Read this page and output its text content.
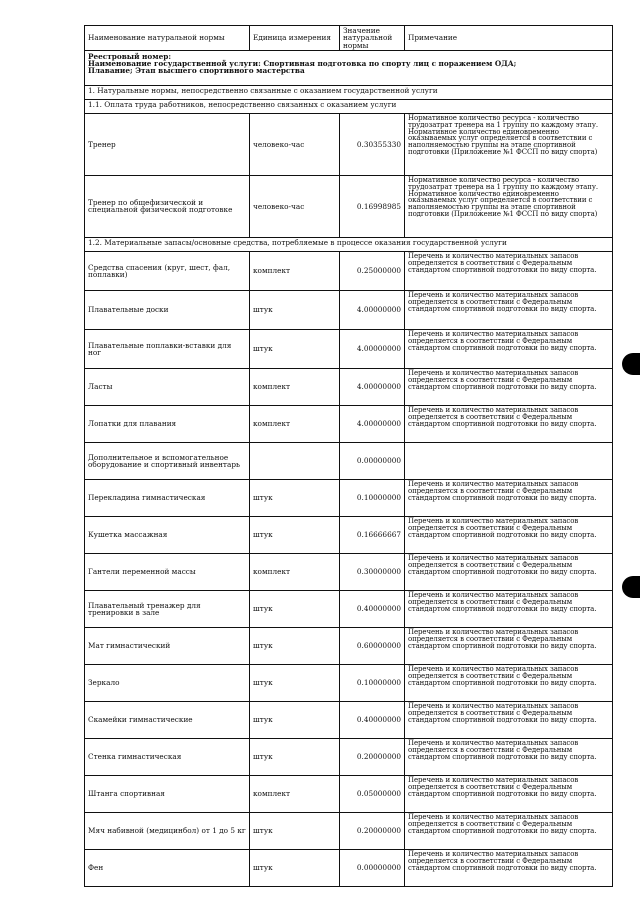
Наименование натуральной нормы	Единица измерения	Значение натуральной нормы	Примечание

Реестровый номер:
Наименование государственной услуги: Спортивная подготовка по спорту лиц с поражением ОДА;
Плавание; Этап высшего спортивного мастерства			

1. Натуральные нормы, непосредственно связанные с оказанием государственной услуги			
1.1. Оплата труда работников, непосредственно связанных с оказанием услуги			
Тренер	человеко-час	0.30355330	Нормативное количество ресурса - количество трудозатрат тренера на 1 группу по каждому этапу. Нормативное количество единовременно оказываемых услуг определяется в соответствии с наполняемостью группы на этапе спортивной подготовки (Приложение №1 ФССП по виду спорта)
Тренер по общефизической и специальной физической подготовке	человеко-час	0.16998985	Нормативное количество ресурса - количество трудозатрат тренера на 1 группу по каждому этапу. Нормативное количество единовременно оказываемых услуг определяется в соответствии с наполняемостью группы на этапе спортивной подготовки (Приложение №1 ФССП по виду спорта)
1.2. Материальные запасы/основные средства, потребляемые в процессе оказания государственной услуги			
Средства спасения (круг, шест, фал, поплавки)	комплект	0.25000000	Перечень и количество материальных запасов определяется в соответствии с Федеральным стандартом спортивной подготовки по виду спорта.
Плавательные доски	штук	4.00000000	Перечень и количество материальных запасов определяется в соответствии с Федеральным стандартом спортивной подготовки по виду спорта.
Плавательные поплавки-вставки для ног	штук	4.00000000	Перечень и количество материальных запасов определяется в соответствии с Федеральным стандартом спортивной подготовки по виду спорта.
Ласты	комплект	4.00000000	Перечень и количество материальных запасов определяется в соответствии с Федеральным стандартом спортивной подготовки по виду спорта.
Лопатки для плавания	комплект	4.00000000	Перечень и количество материальных запасов определяется в соответствии с Федеральным стандартом спортивной подготовки по виду спорта.
Дополнительное и вспомогательное оборудование и спортивный инвентарь		0.00000000	
Перекладина гимнастическая	штук	0.10000000	Перечень и количество материальных запасов определяется в соответствии с Федеральным стандартом спортивной подготовки по виду спорта.
Кушетка массажная	штук	0.16666667	Перечень и количество материальных запасов определяется в соответствии с Федеральным стандартом спортивной подготовки по виду спорта.
Гантели переменной массы	комплект	0.30000000	Перечень и количество материальных запасов определяется в соответствии с Федеральным стандартом спортивной подготовки по виду спорта.
Плавательный тренажер для тренировки в зале	штук	0.40000000	Перечень и количество материальных запасов определяется в соответствии с Федеральным стандартом спортивной подготовки по виду спорта.
Мат гимнастический	штук	0.60000000	Перечень и количество материальных запасов определяется в соответствии с Федеральным стандартом спортивной подготовки по виду спорта.
Зеркало	штук	0.10000000	Перечень и количество материальных запасов определяется в соответствии с Федеральным стандартом спортивной подготовки по виду спорта.
Скамейки гимнастические	штук	0.40000000	Перечень и количество материальных запасов определяется в соответствии с Федеральным стандартом спортивной подготовки по виду спорта.
Стенка гимнастическая	штук	0.20000000	Перечень и количество материальных запасов определяется в соответствии с Федеральным стандартом спортивной подготовки по виду спорта.
Штанга спортивная	комплект	0.05000000	Перечень и количество материальных запасов определяется в соответствии с Федеральным стандартом спортивной подготовки по виду спорта.
Мяч набивной (медицинбол) от 1 до 5 кг	штук	0.20000000	Перечень и количество материальных запасов определяется в соответствии с Федеральным стандартом спортивной подготовки по виду спорта.
Фен	штук	0.00000000	Перечень и количество материальных запасов определяется в соответствии с Федеральным стандартом спортивной подготовки по виду спорта.
